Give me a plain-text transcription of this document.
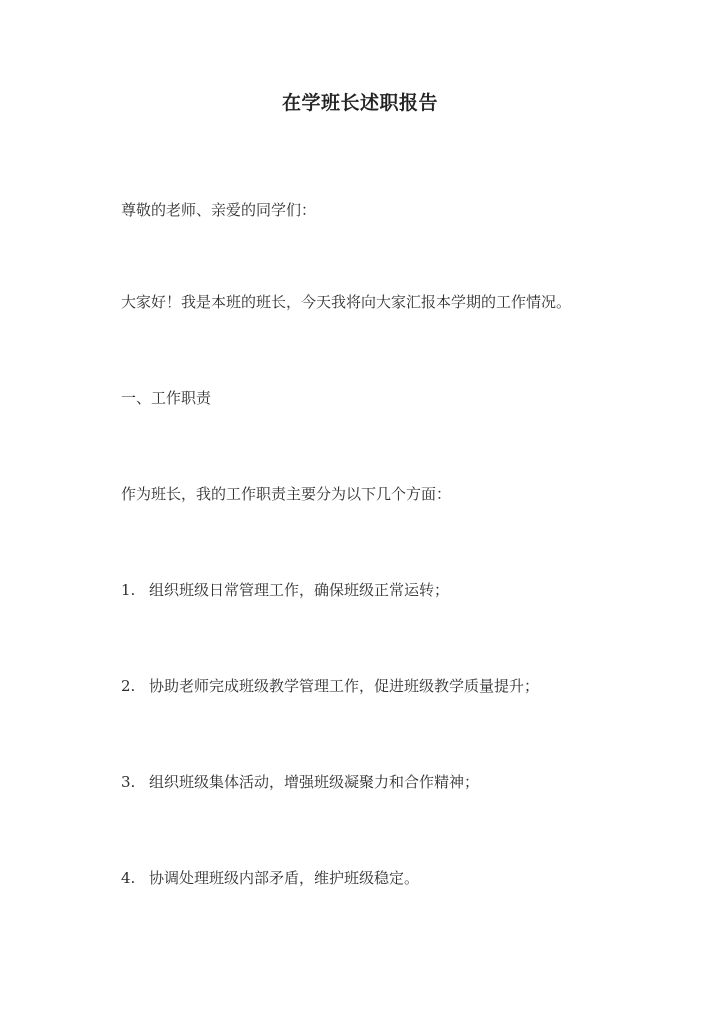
在学班长述职报告
尊敬的老师、亲爱的同学们：
大家好！我是本班的班长，今天我将向大家汇报本学期的工作情况。
一、工作职责
作为班长，我的工作职责主要分为以下几个方面：
1. 组织班级日常管理工作，确保班级正常运转；
2. 协助老师完成班级教学管理工作，促进班级教学质量提升；
3. 组织班级集体活动，增强班级凝聚力和合作精神；
4. 协调处理班级内部矛盾，维护班级稳定。
